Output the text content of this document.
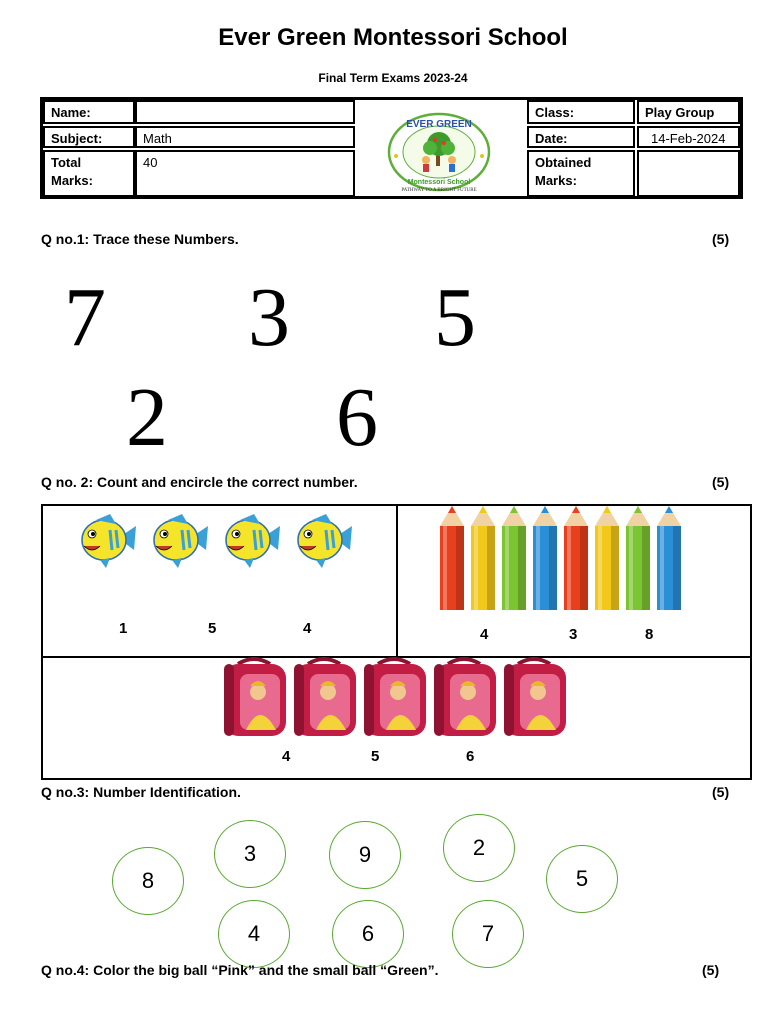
Ever Green Montessori School
Final Term Exams 2023-24
Name:
Subject:	Math
Total
Marks:
40
EVER GREEN
Montessori School
PATHWAY TO A BRIGHT FUTURE
Class:	Play Group
Date:	14-Feb-2024
Obtained
Marks:
Q no.1: Trace these Numbers.	(5)
7 3 5
2 6
Q no. 2: Count and encircle the correct number.	(5)
1	5	4	4	3	8
4	5	6
Q no.3: Number Identification.	(5)
8
3	9	2
5
4	6	7
Q no.4: Color the big ball “Pink” and the small ball “Green”.	(5)
